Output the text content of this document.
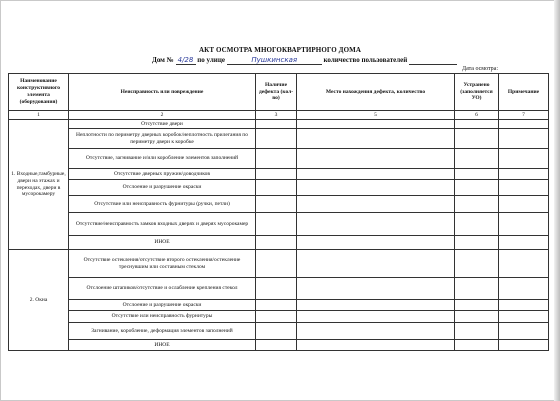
АКТ ОСМОТРА МНОГОКВАРТИРНОГО ДОМА
Дом № 4/28 по улице	Пушкинская	количество пользователей
Дата осмотра:
Наименование конструктивного элемента (оборудования)	Неисправность или повреждение	Наличие дефекта (кол-во)	Место нахождения дефекта, количество	Устранено (заполняется УО)	Примечание
1	2	3	5	6	7
1. Входные,тамбурные, двери на этажах и переходах, двери в мусорокамеру	Отсутствие двери				
	Неплотности по периметру дверных коробок/неплотность прилегания по периметру двери к коробке				
	Отсутствие, загнивание и/или коробление элементов заполнений				
	Отсутствие дверных пружин/доводчиков				
	Отслоение и разрушение окраски				
	Отсутствие или неисправность фурнитуры (ручки, петли)				
	Отсутствие/неисправность замков входных дверях и дверях мусорокамер				
	ИНОЕ				
2. Окна	Отсутствие остекления/отсутствие второго остекления/остекление треснувшим или составным стеклом				
	Отслоение штапиков/отсутствие и ослабление крепления стекол				
	Отслоение и разрушение окраски				
	Отсутствие или неисправность фурнитуры				
	Загнивание, коробление, деформация элементов заполнений				
	ИНОЕ				
